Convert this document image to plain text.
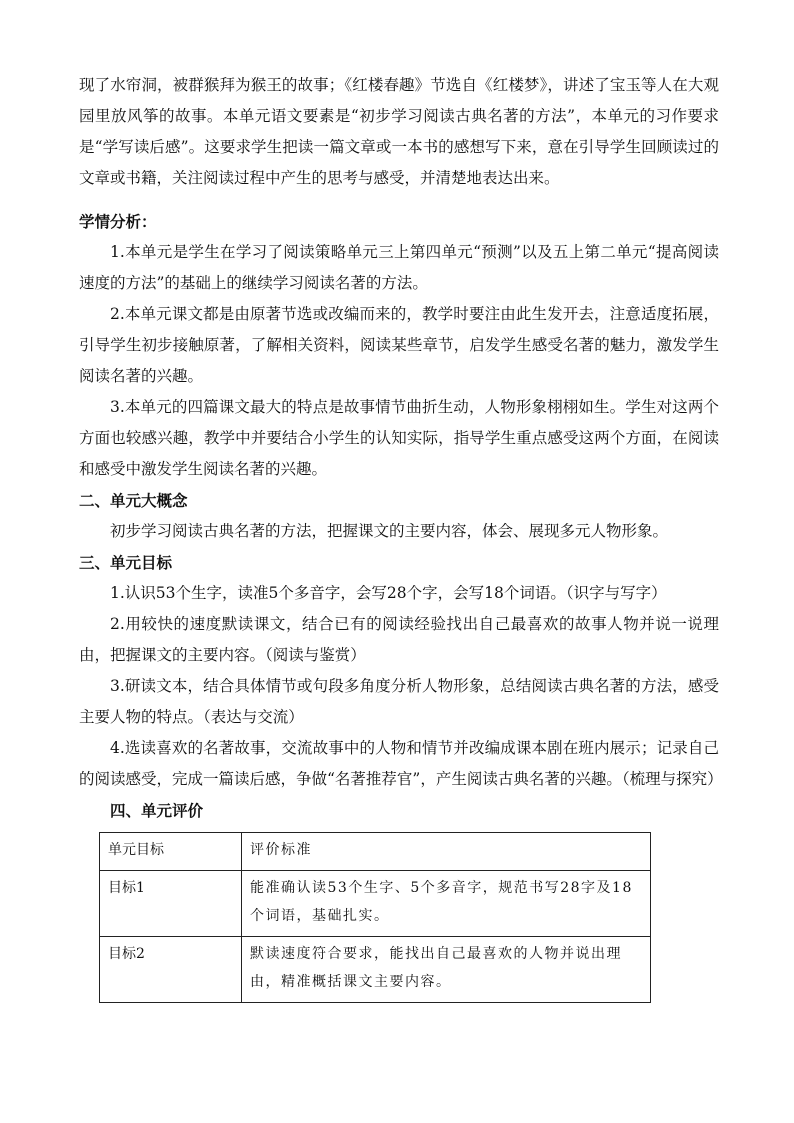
现了水帘洞，被群猴拜为猴王的故事；《红楼春趣》节选自《红楼梦》，讲述了宝玉等人在大观园里放风筝的故事。本单元语文要素是“初步学习阅读古典名著的方法”，本单元的习作要求是“学写读后感”。这要求学生把读一篇文章或一本书的感想写下来，意在引导学生回顾读过的文章或书籍，关注阅读过程中产生的思考与感受，并清楚地表达出来。

学情分析：

1.本单元是学生在学习了阅读策略单元三上第四单元“预测”以及五上第二单元“提高阅读速度的方法”的基础上的继续学习阅读名著的方法。

2.本单元课文都是由原著节选或改编而来的，教学时要注由此生发开去，注意适度拓展，引导学生初步接触原著，了解相关资料，阅读某些章节，启发学生感受名著的魅力，激发学生阅读名著的兴趣。

3.本单元的四篇课文最大的特点是故事情节曲折生动，人物形象栩栩如生。学生对这两个方面也较感兴趣，教学中并要结合小学生的认知实际，指导学生重点感受这两个方面，在阅读和感受中激发学生阅读名著的兴趣。

二、单元大概念

初步学习阅读古典名著的方法，把握课文的主要内容，体会、展现多元人物形象。

三、单元目标

1.认识53个生字，读准5个多音字，会写28个字，会写18个词语。（识字与写字）

2.用较快的速度默读课文，结合已有的阅读经验找出自己最喜欢的故事人物并说一说理由，把握课文的主要内容。（阅读与鉴赏）

3.研读文本，结合具体情节或句段多角度分析人物形象，总结阅读古典名著的方法，感受主要人物的特点。（表达与交流）

4.选读喜欢的名著故事，交流故事中的人物和情节并改编成课本剧在班内展示；记录自己的阅读感受，完成一篇读后感，争做“名著推荐官”，产生阅读古典名著的兴趣。（梳理与探究）

四、单元评价

单元目标	评价标准
目标1	能准确认读53个生字、5个多音字，规范书写28字及18个词语，基础扎实。
目标2	默读速度符合要求，能找出自己最喜欢的人物并说出理由，精准概括课文主要内容。
